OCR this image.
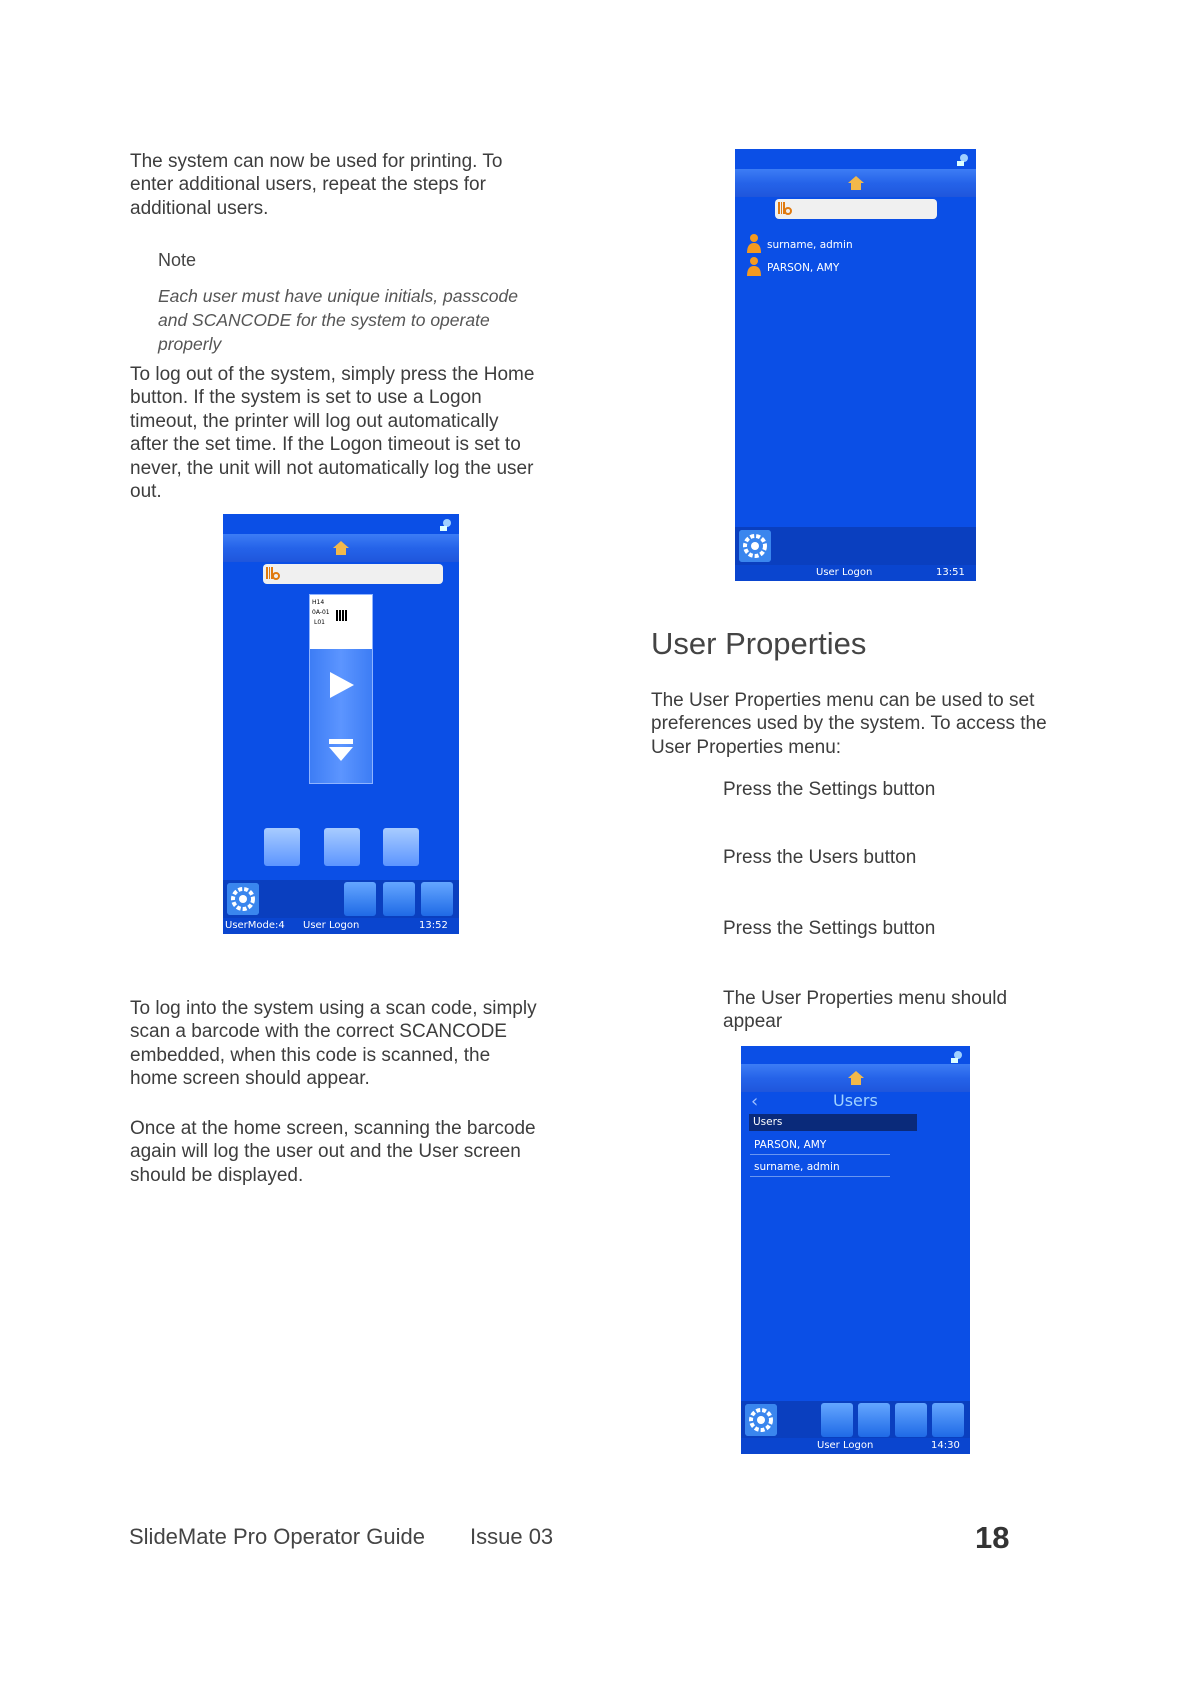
The system can now be used for printing. To enter additional users, repeat the steps for additional users.

Note
Each user must have unique initials, passcode and SCANCODE for the system to operate properly

To log out of the system, simply press the Home button. If the system is set to use a Logon timeout, the printer will log out automatically after the set time. If the Logon timeout is set to never, the unit will not automatically log the user out.

H14
0A-01
L01
UserMode:4 User Logon	13:52

To log into the system using a scan code, simply scan a barcode with the correct SCANCODE embedded, when this code is scanned, the home screen should appear.

Once at the home screen, scanning the barcode again will log the user out and the User screen should be displayed.

surname, admin
PARSON, AMY
User Logon	13:51
User Properties

The User Properties menu can be used to set preferences used by the system. To access the User Properties menu:

Press the Settings button

Press the Users button

Press the Settings button

The User Properties menu should appear

‹	Users
Users
PARSON, AMY
surname, admin
User Logon	14:30
SlideMate Pro Operator Guide Issue 03	18
